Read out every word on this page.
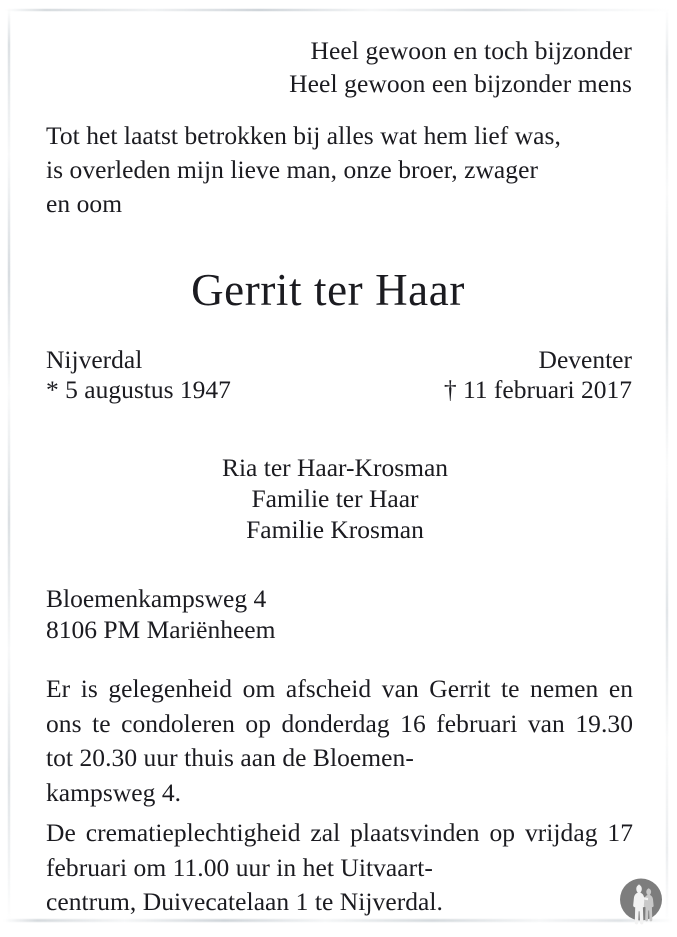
Heel gewoon en toch bijzonder
Heel gewoon een bijzonder mens
Tot het laatst betrokken bij alles wat hem lief was,
is overleden mijn lieve man, onze broer, zwager
en oom
Gerrit ter Haar
Nijverdal	Deventer
* 5 augustus 1947	† 11 februari 2017
Ria ter Haar-Krosman
Familie ter Haar
Familie Krosman
Bloemenkampsweg 4
8106 PM Mariënheem

Er is gelegenheid om afscheid van Gerrit te nemen en ons te condoleren op donderdag 16 februari van 19.30 tot 20.30 uur thuis aan de Bloemen-
kampsweg 4.

De crematieplechtigheid zal plaatsvinden op vrijdag 17 februari om 11.00 uur in het Uitvaart-
centrum, Duivecatelaan 1 te Nijverdal.
